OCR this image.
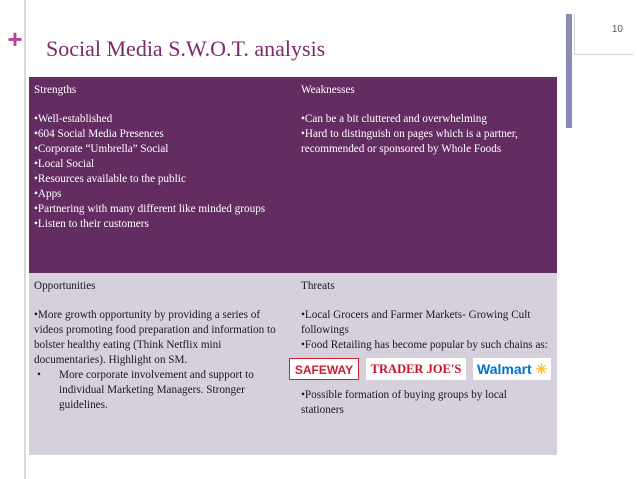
+ Social Media S.W.O.T. analysis
10
Strengths
•Well-established
•604 Social Media Presences
•Corporate “Umbrella” Social
•Local Social
•Resources available to the public
•Apps
•Partnering with many different like minded groups
•Listen to their customers
Weaknesses
•Can be a bit cluttered and overwhelming
•Hard to distinguish on pages which is a partner, recommended or sponsored by Whole Foods
Opportunities
•More growth opportunity by providing a series of videos promoting food preparation and information to bolster healthy eating (Think Netflix mini documentaries). Highlight on SM.
• More corporate involvement and support to individual Marketing Managers. Stronger guidelines.
Threats
•Local Grocers and Farmer Markets- Growing Cult followings
•Food Retailing has become popular by such chains as:
SAFEWAY	TRADER JOE'S	Walmart ✳
•Possible formation of buying groups by local stationers
